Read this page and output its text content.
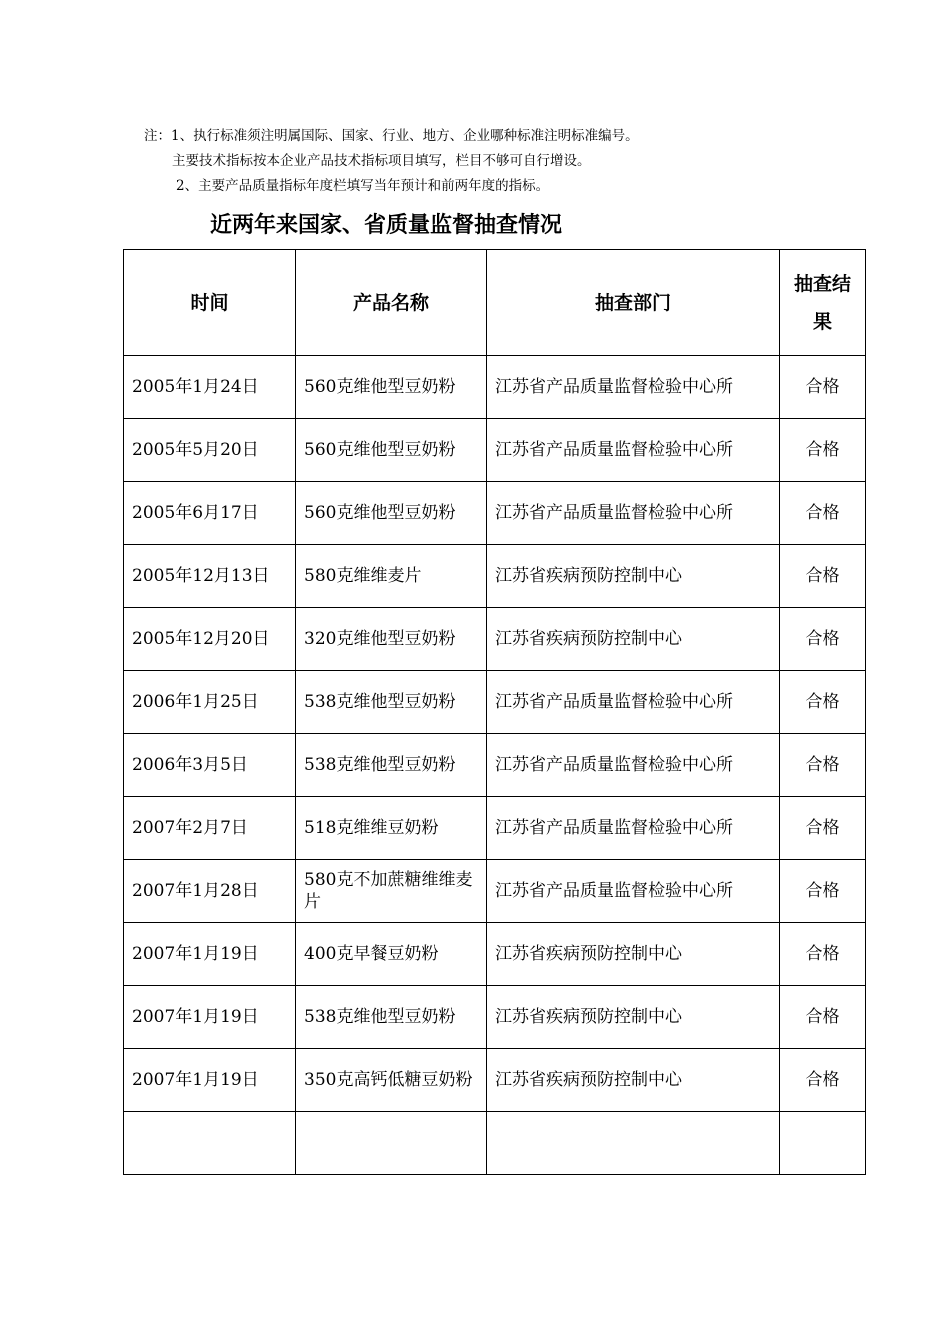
注：1、执行标准须注明属国际、国家、行业、地方、企业哪种标准注明标准编号。
主要技术指标按本企业产品技术指标项目填写，栏目不够可自行增设。
2、主要产品质量指标年度栏填写当年预计和前两年度的指标。
近两年来国家、省质量监督抽查情况
时间	产品名称	抽查部门	抽查结果
2005年1月24日	560克维他型豆奶粉	江苏省产品质量监督检验中心所	合格
2005年5月20日	560克维他型豆奶粉	江苏省产品质量监督检验中心所	合格
2005年6月17日	560克维他型豆奶粉	江苏省产品质量监督检验中心所	合格
2005年12月13日	580克维维麦片	江苏省疾病预防控制中心	合格
2005年12月20日	320克维他型豆奶粉	江苏省疾病预防控制中心	合格
2006年1月25日	538克维他型豆奶粉	江苏省产品质量监督检验中心所	合格
2006年3月5日	538克维他型豆奶粉	江苏省产品质量监督检验中心所	合格
2007年2月7日	518克维维豆奶粉	江苏省产品质量监督检验中心所	合格
2007年1月28日	580克不加蔗糖维维麦片	江苏省产品质量监督检验中心所	合格
2007年1月19日	400克早餐豆奶粉	江苏省疾病预防控制中心	合格
2007年1月19日	538克维他型豆奶粉	江苏省疾病预防控制中心	合格
2007年1月19日	350克高钙低糖豆奶粉	江苏省疾病预防控制中心	合格
